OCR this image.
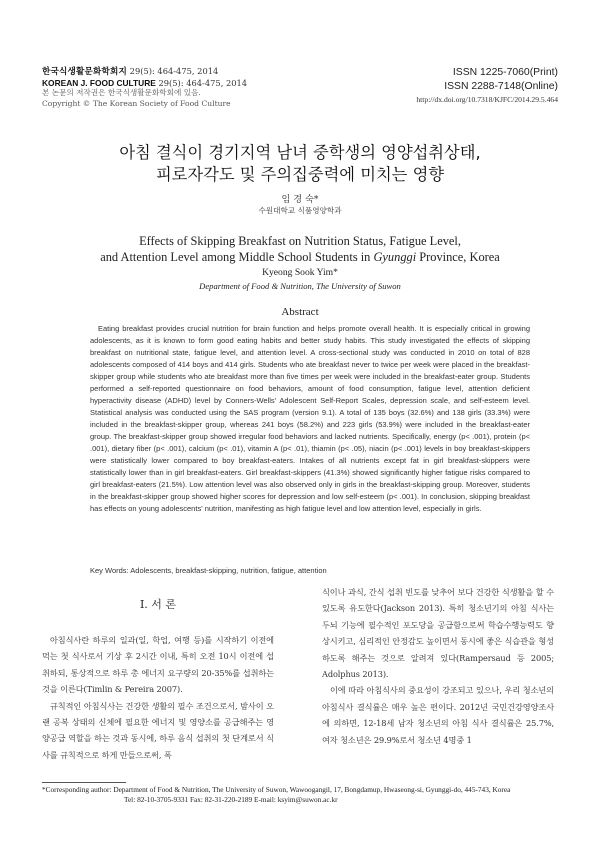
한국식생활문화학회지 29(5): 464-475, 2014
KOREAN J. FOOD CULTURE 29(5): 464-475, 2014
본 논문의 저작권은 한국식생활문화학회에 있음.
Copyright © The Korean Society of Food Culture
ISSN 1225-7060(Print)
ISSN 2288-7148(Online)
http://dx.doi.org/10.7318/KJFC/2014.29.5.464
아침 결식이 경기지역 남녀 중학생의 영양섭취상태,
피로자각도 및 주의집중력에 미치는 영향
임 경 숙*
수원대학교 식품영양학과
Effects of Skipping Breakfast on Nutrition Status, Fatigue Level,
and Attention Level among Middle School Students in Gyunggi Province, Korea
Kyeong Sook Yim*
Department of Food & Nutrition, The University of Suwon
Abstract
Eating breakfast provides crucial nutrition for brain function and helps promote overall health. It is especially critical in growing adolescents, as it is known to form good eating habits and better study habits. This study investigated the effects of skipping breakfast on nutritional state, fatigue level, and attention level. A cross-sectional study was conducted in 2010 on total of 828 adolescents composed of 414 boys and 414 girls. Students who ate breakfast never to twice per week were placed in the breakfast-skipper group while students who ate breakfast more than five times per week were included in the breakfast-eater group. Students performed a self-reported questionnaire on food behaviors, amount of food consumption, fatigue level, attention deficient hyperactivity disease (ADHD) level by Conners-Wells' Adolescent Self-Report Scales, depression scale, and self-esteem level. Statistical analysis was conducted using the SAS program (version 9.1). A total of 135 boys (32.6%) and 138 girls (33.3%) were included in the breakfast-skipper group, whereas 241 boys (58.2%) and 223 girls (53.9%) were included in the breakfast-eater group. The breakfast-skipper group showed irregular food behaviors and lacked nutrients. Specifically, energy (p< .001), protein (p< .001), dietary fiber (p< .001), calcium (p< .01), vitamin A (p< .01), thiamin (p< .05), niacin (p< .001) levels in boy breakfast-skippers were statistically lower compared to boy breakfast-eaters. Intakes of all nutrients except fat in girl breakfast-skippers were statistically lower than in girl breakfast-eaters. Girl breakfast-skippers (41.3%) showed significantly higher fatigue risks compared to girl breakfast-eaters (21.5%). Low attention level was also observed only in girls in the breakfast-skipping group. Moreover, students in the breakfast-skipper group showed higher scores for depression and low self-esteem (p< .001). In conclusion, skipping breakfast has effects on young adolescents' nutrition, manifesting as high fatigue level and low attention level, especially in girls.
Key Words: Adolescents, breakfast-skipping, nutrition, fatigue, attention
I. 서 론

아침식사란 하루의 일과(일, 학업, 여행 등)를 시작하기 이전에 먹는 첫 식사로서 기상 후 2시간 이내, 특히 오전 10시 이전에 섭취하되, 통상적으로 하루 총 에너지 요구량의 20-35%를 섭취하는 것을 이른다(Timlin & Pereira 2007).

규칙적인 아침식사는 건강한 생활의 필수 조건으로서, 밤사이 오랜 공복 상태의 신체에 필요한 에너지 및 영양소를 공급해주는 영양공급 역할을 하는 것과 동시에, 하루 음식 섭취의 첫 단계로서 식사를 규칙적으로 하게 만들으로써, 폭

식이나 과식, 간식 섭취 빈도를 낮추어 보다 건강한 식생활을 할 수 있도록 유도한다(Jackson 2013). 특히 청소년기의 아침 식사는 두뇌 기능에 필수적인 포도당을 공급함으로써 학습수행능력도 향상시키고, 심리적인 안정감도 높이면서 동시에 좋은 식습관을 형성하도록 해주는 것으로 알려져 있다(Rampersaud 등 2005; Adolphus 2013).

이에 따라 아침식사의 중요성이 강조되고 있으나, 우리 청소년의 아침식사 결식률은 매우 높은 편이다. 2012년 국민건강영양조사에 의하면, 12-18세 남자 청소년의 아침 식사 결식률은 25.7%, 여자 청소년은 29.9%로서 청소년 4명중 1

*Corresponding author: Department of Food & Nutrition, The University of Suwon, Wawoogangil, 17, Bongdamup, Hwaseong-si, Gyunggi-do, 445-743, Korea
Tel: 82-10-3705-9331 Fax: 82-31-220-2189 E-mail: ksyim@suwon.ac.kr
